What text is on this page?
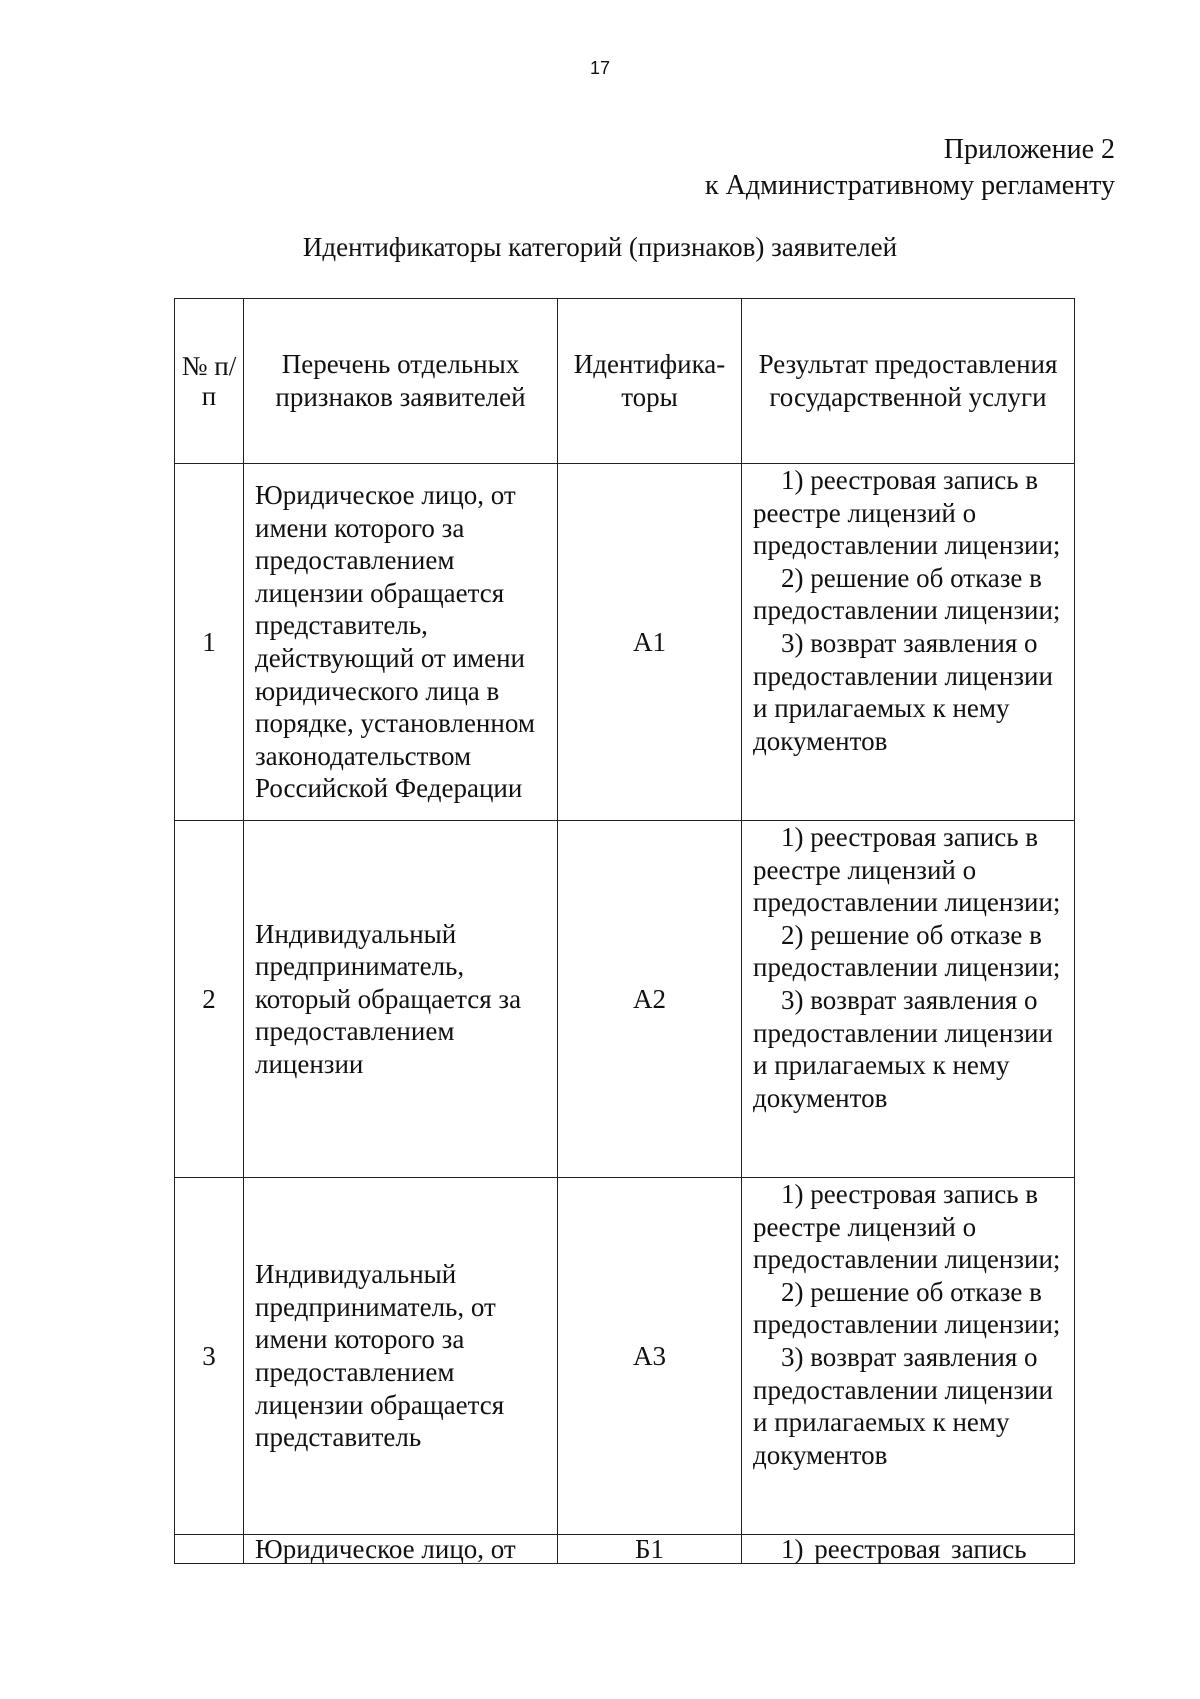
17
Приложение 2
к Административному регламенту
Идентификаторы категорий (признаков) заявителей
№ п/п	Перечень отдельных признаков заявителей	Идентифика-торы	Результат предоставления государственной услуги
1	Юридическое лицо, от имени которого за предоставлением лицензии обращается представитель, действующий от имени юридического лица в порядке, установленном законодательством Российской Федерации	А1	1) реестровая запись в реестре лицензий о предоставлении лицензии;

2) решение об отказе в предоставлении лицензии;

3) возврат заявления о предоставлении лицензии и прилагаемых к нему документов

2	Индивидуальный предприниматель, который обращается за предоставлением лицензии	А2	1) реестровая запись в реестре лицензий о предоставлении лицензии;

2) решение об отказе в предоставлении лицензии;

3) возврат заявления о предоставлении лицензии и прилагаемых к нему документов

3	Индивидуальный предприниматель, от имени которого за предоставлением лицензии обращается представитель	А3	1) реестровая запись в реестре лицензий о предоставлении лицензии;

2) решение об отказе в предоставлении лицензии;

3) возврат заявления о предоставлении лицензии и прилагаемых к нему документов

	Юридическое лицо, от	Б1	1) реестровая запись
